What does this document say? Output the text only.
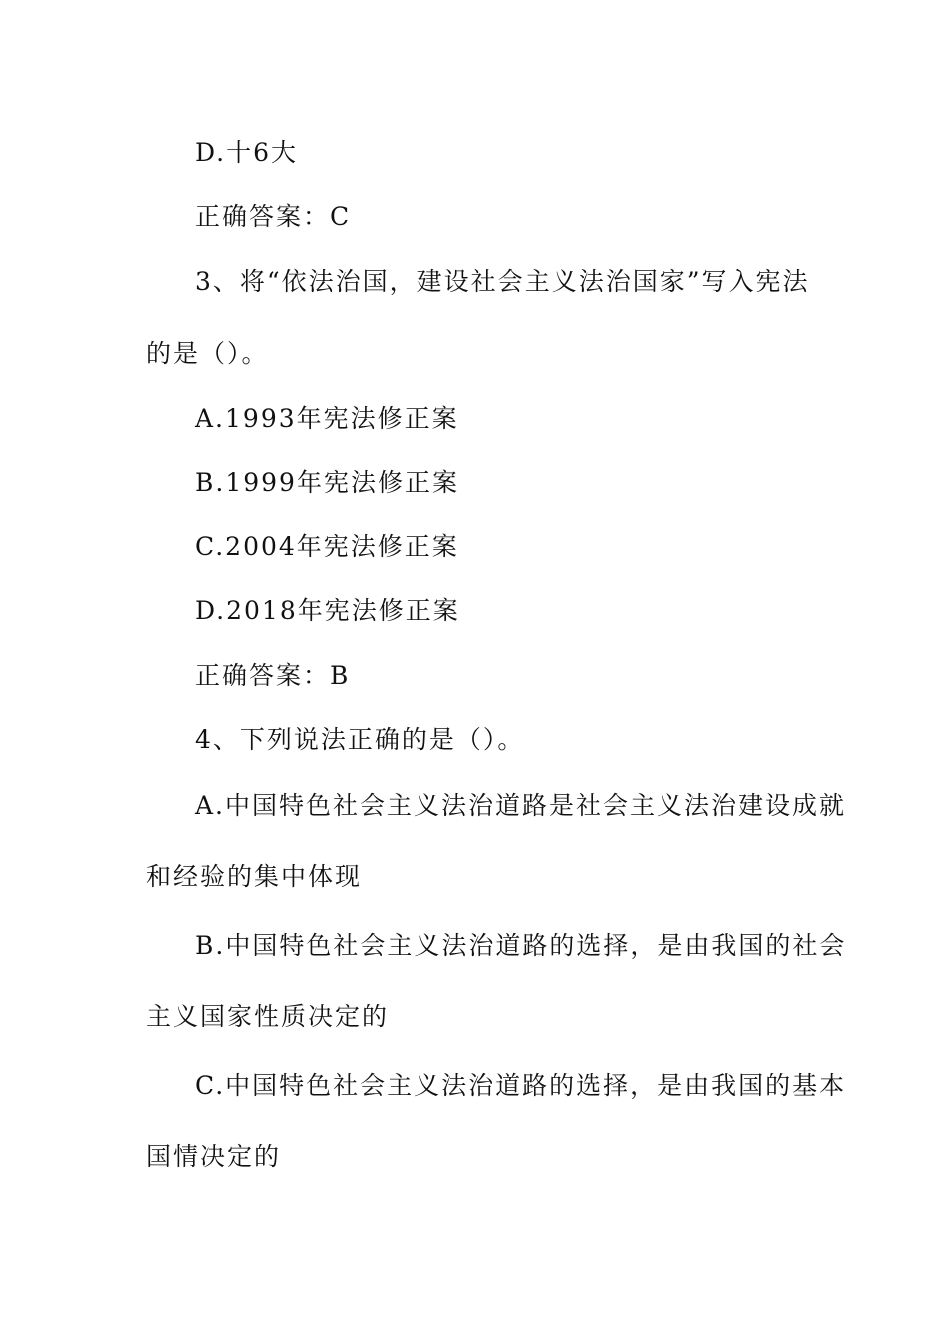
D.十6大

正确答案：C

3、将“依法治国，建设社会主义法治国家”写入宪法

的是（）。

A.1993年宪法修正案

B.1999年宪法修正案

C.2004年宪法修正案

D.2018年宪法修正案

正确答案：B

4、下列说法正确的是（）。

A.中国特色社会主义法治道路是社会主义法治建设成就

和经验的集中体现

B.中国特色社会主义法治道路的选择，是由我国的社会

主义国家性质决定的

C.中国特色社会主义法治道路的选择，是由我国的基本

国情决定的
